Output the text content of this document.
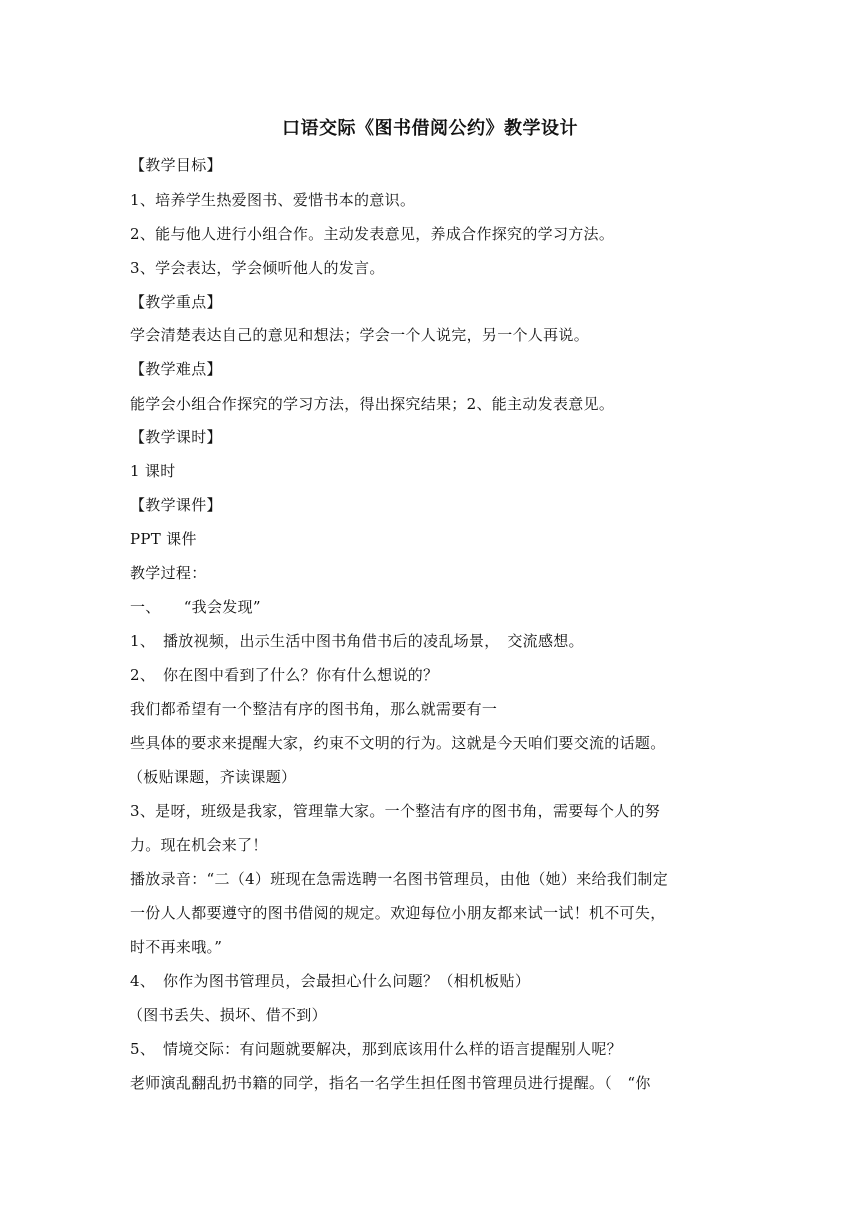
口语交际《图书借阅公约》教学设计
【教学目标】
1、培养学生热爱图书、爱惜书本的意识。
2、能与他人进行小组合作。主动发表意见，养成合作探究的学习方法。
3、学会表达，学会倾听他人的发言。
【教学重点】
学会清楚表达自己的意见和想法；学会一个人说完，另一个人再说。
【教学难点】
能学会小组合作探究的学习方法，得出探究结果；2、能主动发表意见。
【教学课时】
1 课时
【教学课件】
PPT 课件
教学过程：
一、　　“我会发现”
1、　播放视频，出示生活中图书角借书后的凌乱场景，　交流感想。
2、　你在图中看到了什么？你有什么想说的？
我们都希望有一个整洁有序的图书角，那么就需要有一
些具体的要求来提醒大家，约束不文明的行为。这就是今天咱们要交流的话题。
（板贴课题，齐读课题）
3、是呀，班级是我家，管理靠大家。一个整洁有序的图书角，需要每个人的努
力。现在机会来了！
播放录音：“二（4）班现在急需选聘一名图书管理员，由他（她）来给我们制定
一份人人都要遵守的图书借阅的规定。欢迎每位小朋友都来试一试！机不可失，
时不再来哦。”
4、　你作为图书管理员，会最担心什么问题？（相机板贴）
（图书丢失、损坏、借不到）
5、　情境交际：有问题就要解决，那到底该用什么样的语言提醒别人呢？
老师演乱翻乱扔书籍的同学，指名一名学生担任图书管理员进行提醒。（　“你
